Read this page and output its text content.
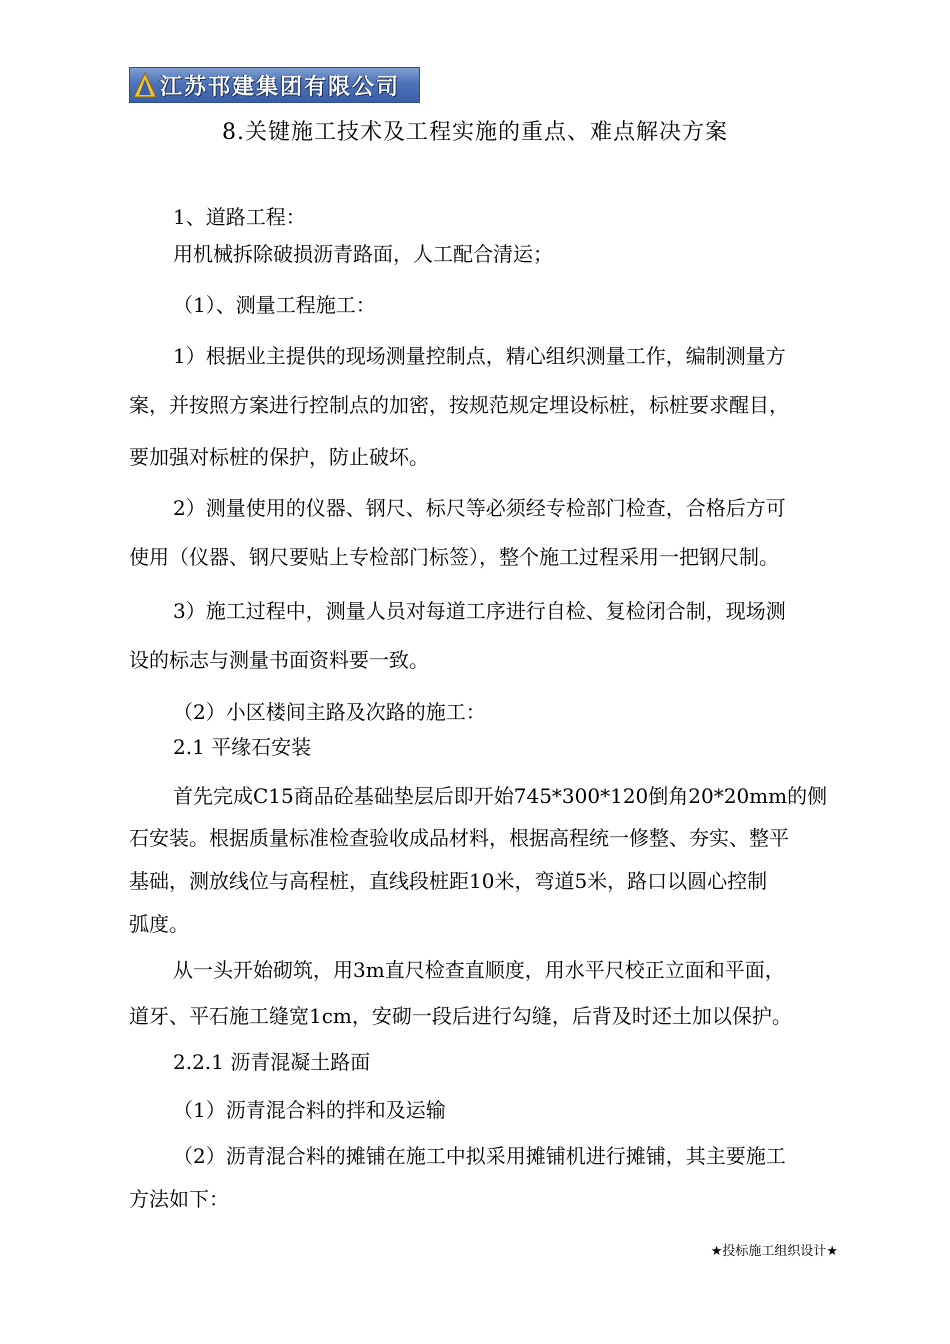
江苏邗建集团有限公司
8.关键施工技术及工程实施的重点、难点解决方案
1、道路工程：
用机械拆除破损沥青路面，人工配合清运；
（1）、测量工程施工：
1）根据业主提供的现场测量控制点，精心组织测量工作，编制测量方
案，并按照方案进行控制点的加密，按规范规定埋设标桩，标桩要求醒目，
要加强对标桩的保护，防止破坏。
2）测量使用的仪器、钢尺、标尺等必须经专检部门检查，合格后方可
使用（仪器、钢尺要贴上专检部门标签），整个施工过程采用一把钢尺制。
3）施工过程中，测量人员对每道工序进行自检、复检闭合制，现场测
设的标志与测量书面资料要一致。
（2）小区楼间主路及次路的施工：
2.1 平缘石安装
首先完成C15商品砼基础垫层后即开始745*300*120倒角20*20mm的侧
石安装。根据质量标准检查验收成品材料，根据高程统一修整、夯实、整平
基础，测放线位与高程桩，直线段桩距10米，弯道5米，路口以圆心控制
弧度。
从一头开始砌筑，用3m直尺检查直顺度，用水平尺校正立面和平面，
道牙、平石施工缝宽1cm，安砌一段后进行勾缝，后背及时还土加以保护。
2.2.1 沥青混凝土路面
（1）沥青混合料的拌和及运输
（2）沥青混合料的摊铺在施工中拟采用摊铺机进行摊铺，其主要施工
方法如下：
★投标施工组织设计★
